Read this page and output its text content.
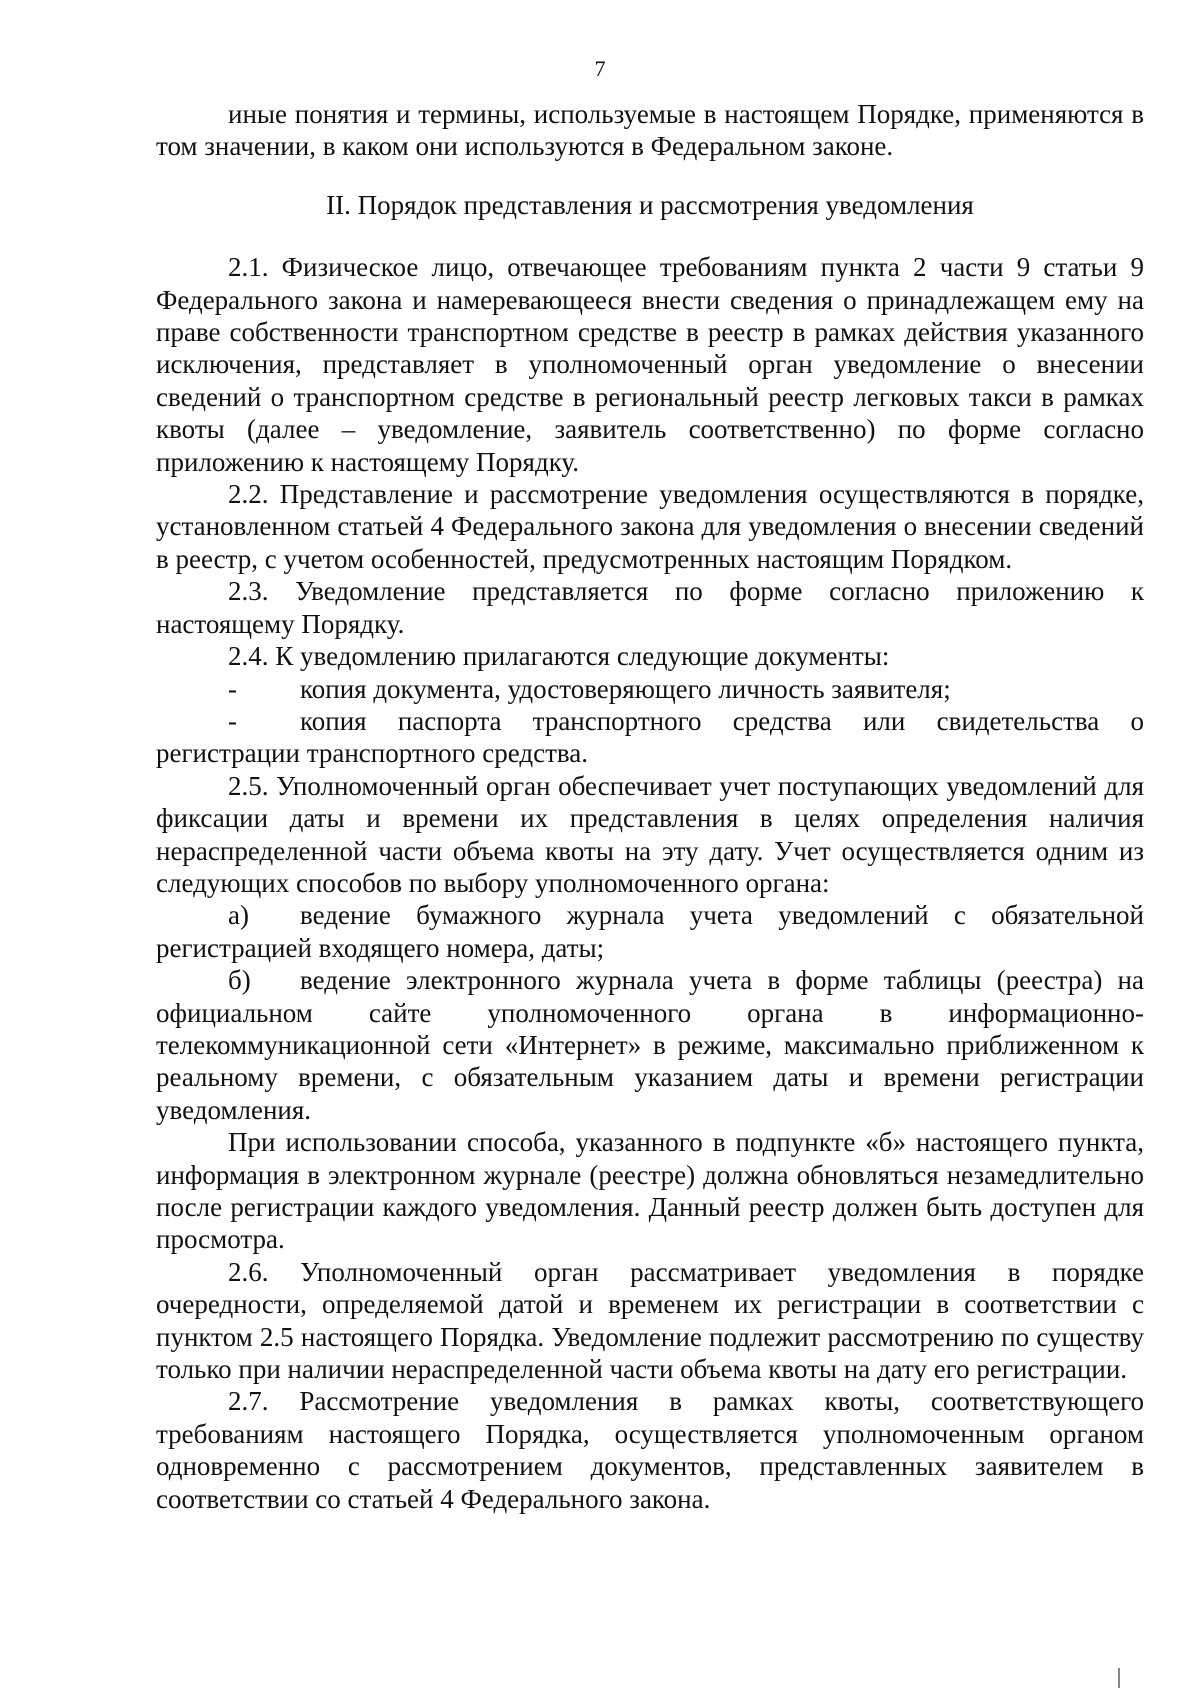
7

иные понятия и термины, используемые в настоящем Порядке, применяются в том значении, в каком они используются в Федеральном законе.

II. Порядок представления и рассмотрения уведомления

2.1. Физическое лицо, отвечающее требованиям пункта 2 части 9 статьи 9 Федерального закона и намеревающееся внести сведения о принадлежащем ему на праве собственности транспортном средстве в реестр в рамках действия указанного исключения, представляет в уполномоченный орган уведомление о внесении сведений о транспортном средстве в региональный реестр легковых такси в рамках квоты (далее – уведомление, заявитель соответственно) по форме согласно приложению к настоящему Порядку.

2.2. Представление и рассмотрение уведомления осуществляются в порядке, установленном статьей 4 Федерального закона для уведомления о внесении сведений в реестр, с учетом особенностей, предусмотренных настоящим Порядком.

2.3. Уведомление представляется по форме согласно приложению к настоящему Порядку.

2.4. К уведомлению прилагаются следующие документы:

- копия документа, удостоверяющего личность заявителя;

- копия паспорта транспортного средства или свидетельства о регистрации транспортного средства.

2.5. Уполномоченный орган обеспечивает учет поступающих уведомлений для фиксации даты и времени их представления в целях определения наличия нераспределенной части объема квоты на эту дату. Учет осуществляется одним из следующих способов по выбору уполномоченного органа:

а) ведение бумажного журнала учета уведомлений с обязательной регистрацией входящего номера, даты;

б) ведение электронного журнала учета в форме таблицы (реестра) на официальном сайте уполномоченного органа в информационно-телекоммуникационной сети «Интернет» в режиме, максимально приближенном к реальному времени, с обязательным указанием даты и времени регистрации уведомления.

При использовании способа, указанного в подпункте «б» настоящего пункта, информация в электронном журнале (реестре) должна обновляться незамедлительно после регистрации каждого уведомления. Данный реестр должен быть доступен для просмотра.

2.6. Уполномоченный орган рассматривает уведомления в порядке очередности, определяемой датой и временем их регистрации в соответствии с пунктом 2.5 настоящего Порядка. Уведомление подлежит рассмотрению по существу только при наличии нераспределенной части объема квоты на дату его регистрации.

2.7. Рассмотрение уведомления в рамках квоты, соответствующего требованиям настоящего Порядка, осуществляется уполномоченным органом одновременно с рассмотрением документов, представленных заявителем в соответствии со статьей 4 Федерального закона.
